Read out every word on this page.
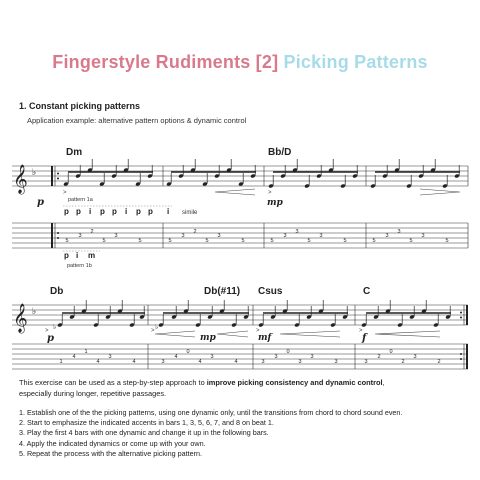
Fingerstyle Rudiments [2] Picking Patterns
1. Constant picking patterns
Application example: alternative pattern options & dynamic control
Dm	Bb/D
𝄞 ♭
>	>
p	mp
pattern 1a
p p i p p i p p i simile
5
3
2
5
3
5	5
3
2
5
3
5	5
3
3
5
3
5	5
3
3
5
3
5
p i m
pattern 1b
Db	Db(#11) Csus	C
𝄞 ♭
♭	♭
>	>	>	>
p	mp	mf	f
1
4
1
4
3
4	3
4
0
4
3
4	3
3
0
3
3
3	3
2
0
2
3
2
This exercise can be used as a step-by-step approach to improve picking consistency and dynamic control,
especially during longer, repetitive passages.
1. Establish one of the the picking patterns, using one dynamic only, until the transitions from chord to chord sound even.
2. Start to emphasize the indicated accents in bars 1, 3, 5, 6, 7, and 8 on beat 1.
3. Play the first 4 bars with one dynamic and change it up in the following bars.
4. Apply the indicated dynamics or come up with your own.
5. Repeat the process with the alternative picking pattern.
